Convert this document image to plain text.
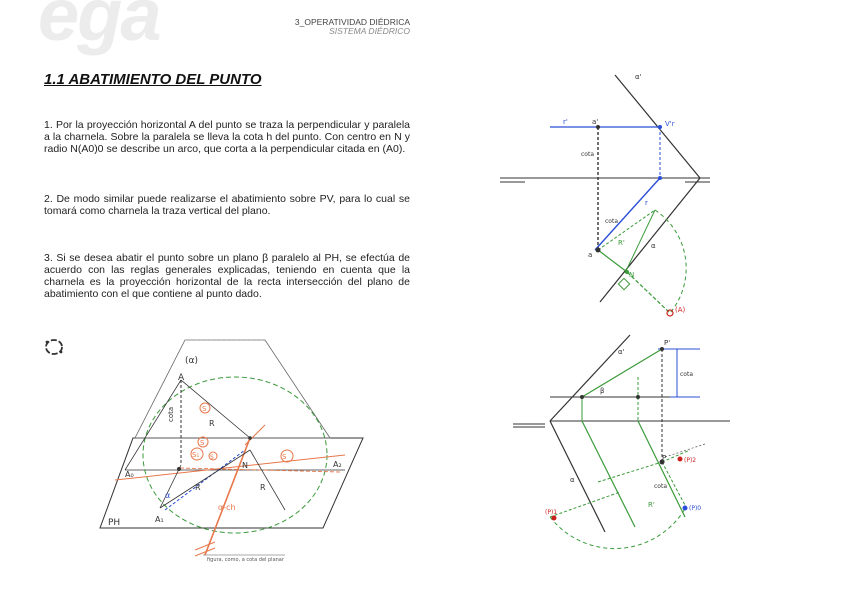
ega	3_OPERATIVIDAD DIÉDRICA
SISTEMA DIÉDRICO
1.1 ABATIMIENTO DEL PUNTO

1. Por la proyección horizontal A del punto se traza la perpendicular y paralela a la charnela. Sobre la paralela se lleva la cota h del punto. Con centro en N y radio N(A0)0 se describe un arco, que corta a la perpendicular citada en (A0).

2. De modo similar puede realizarse el abatimiento sobre PV, para lo cual se tomará como charnela la traza vertical del plano.

3. Si se desea abatir el punto sobre un plano β paralelo al PH, se efectúa de acuerdo con las reglas generales explicadas, teniendo en cuenta que la charnela es la proyección horizontal de la recta intersección del plano de abatimiento con el que contiene al punto dado.

(α)
A
cota
R
S
S
S₁ S	S
A₀
A₂
N
R	R
α
α-ch
A₁
PH
figura, como, a cota del planar
α'
r'	a'	V'r
cota
cota
r
R'
a
N
α
(A)
P'
α'
cota
β
P	(P)2
cota
α
R'
(P)1
(P)0
